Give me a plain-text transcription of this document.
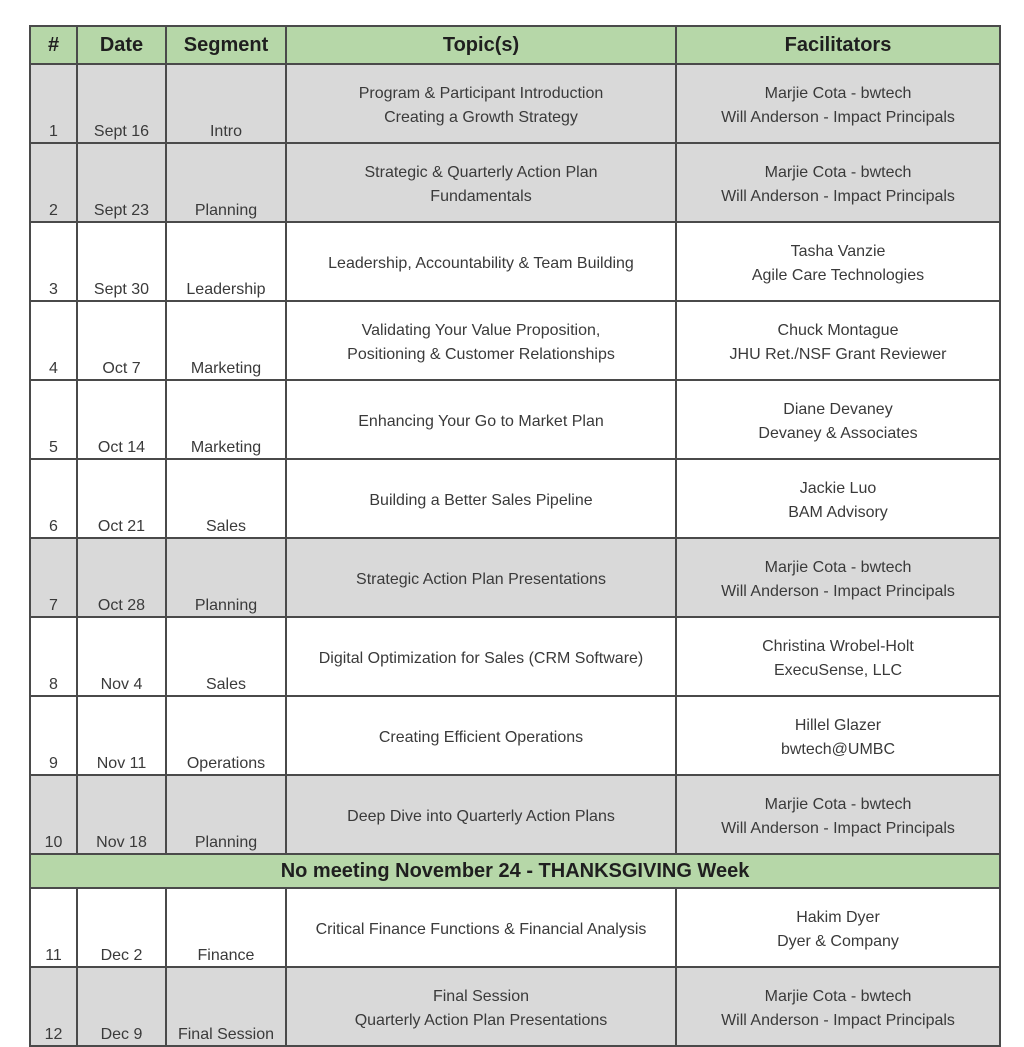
#	Date	Segment	Topic(s)	Facilitators
1	Sept 16	Intro	Program & Participant Introduction
Creating a Growth Strategy	Marjie Cota - bwtech
Will Anderson - Impact Principals

2	Sept 23	Planning	Strategic & Quarterly Action Plan
Fundamentals	Marjie Cota - bwtech
Will Anderson - Impact Principals

3	Sept 30	Leadership	Leadership, Accountability & Team Building	Tasha Vanzie
Agile Care Technologies

4	Oct 7	Marketing	Validating Your Value Proposition,
Positioning & Customer Relationships	Chuck Montague
JHU Ret./NSF Grant Reviewer

5	Oct 14	Marketing	Enhancing Your Go to Market Plan	Diane Devaney
Devaney & Associates

6	Oct 21	Sales	Building a Better Sales Pipeline	Jackie Luo
BAM Advisory

7	Oct 28	Planning	Strategic Action Plan Presentations	Marjie Cota - bwtech
Will Anderson - Impact Principals

8	Nov 4	Sales	Digital Optimization for Sales (CRM Software)	Christina Wrobel-Holt
ExecuSense, LLC

9	Nov 11	Operations	Creating Efficient Operations	Hillel Glazer
bwtech@UMBC

10	Nov 18	Planning	Deep Dive into Quarterly Action Plans	Marjie Cota - bwtech
Will Anderson - Impact Principals

No meeting November 24 - THANKSGIVING Week				
11	Dec 2	Finance	Critical Finance Functions & Financial Analysis	Hakim Dyer
Dyer & Company

12	Dec 9	Final Session	Final Session
Quarterly Action Plan Presentations	Marjie Cota - bwtech
Will Anderson - Impact Principals
